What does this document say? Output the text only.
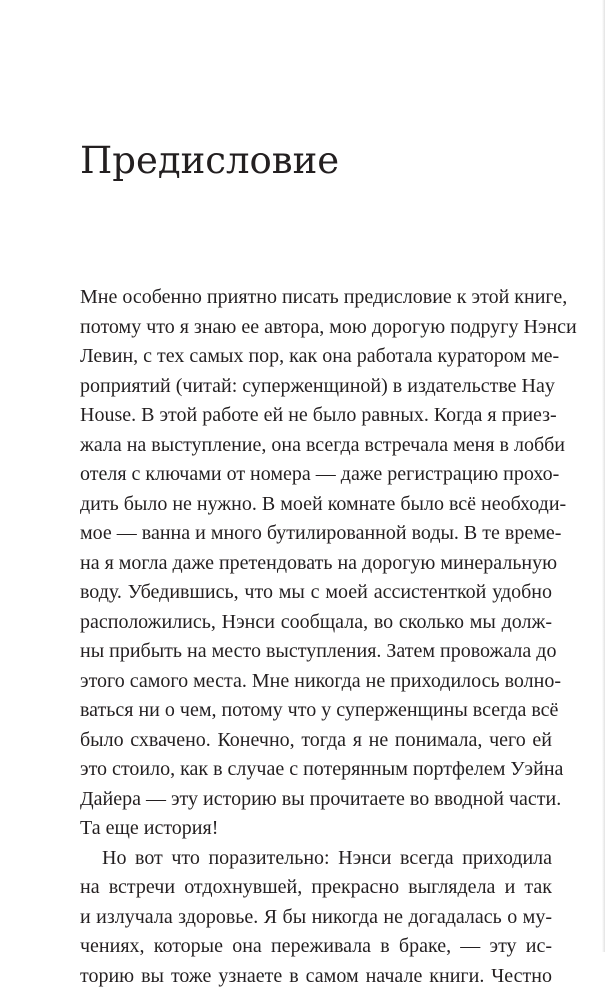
Предисловие
Мне особенно приятно писать предисловие к этой книге,
потому что я знаю ее автора, мою дорогую подругу Нэнси
Левин, с тех самых пор, как она работала куратором ме-
роприятий (читай: суперженщиной) в издательстве Hay
House. В этой работе ей не было равных. Когда я приез-
жала на выступление, она всегда встречала меня в лобби
отеля с ключами от номера — даже регистрацию прохо-
дить было не нужно. В моей комнате было всё необходи-
мое — ванна и много бутилированной воды. В те време-
на я могла даже претендовать на дорогую минеральную
воду. Убедившись, что мы с моей ассистенткой удобно
расположились, Нэнси сообщала, во сколько мы долж-
ны прибыть на место выступления. Затем провожала до
этого самого места. Мне никогда не приходилось волно-
ваться ни о чем, потому что у суперженщины всегда всё
было схвачено. Конечно, тогда я не понимала, чего ей
это стоило, как в случае с потерянным портфелем Уэйна
Дайера — эту историю вы прочитаете во вводной части.
Та еще история!
Но вот что поразительно: Нэнси всегда приходила
на встречи отдохнувшей, прекрасно выглядела и так
и излучала здоровье. Я бы никогда не догадалась о му-
чениях, которые она переживала в браке, — эту ис-
торию вы тоже узнаете в самом начале книги. Честно
